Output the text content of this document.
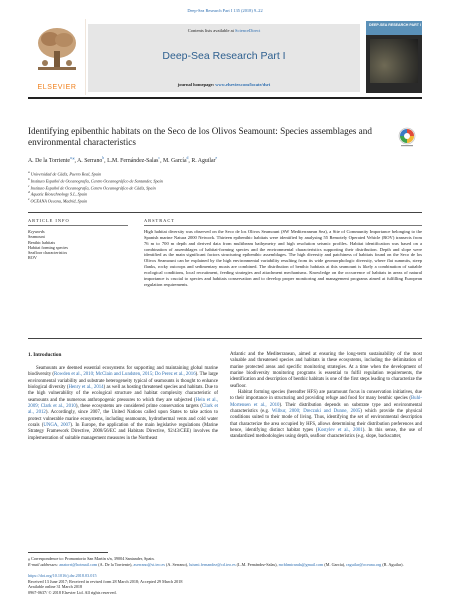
Deep-Sea Research Part I 135 (2018) 9–22
ELSEVIER
Contents lists available at ScienceDirect
Deep-Sea Research Part I
journal homepage: www.elsevier.com/locate/dsri
DEEP-SEA RESEARCH PART I
Identifying epibenthic habitats on the Seco de los Olivos Seamount: Species assemblages and environmental characteristics
A. De la Torriente$^{a,⁎}$, A. Serrano$^b$, L.M. Fernández-Salas$^c$, M. García$^d$, R. Aguilar$^e$
$^a$Universidad de Cádiz, Puerto Real, Spain
$^b$Instituto Español de Oceanografía, Centro Oceanográfico de Santander, Spain
$^c$Instituto Español de Oceanografía, Centro Oceanográfico de Cádiz, Spain
$^d$Aquatic Biotechnology S.L, Spain
$^e$OCEANA Oceana, Madrid, Spain
ARTICLE INFO	ABSTRACT
Keywords
Seamount
Benthic habitats
Habitat forming species
Seafloor characteristics
ROV
High habitat diversity was observed on the Seco de los Olivos Seamount (SW Mediterranean Sea), a Site of Community Importance belonging to the Spanish marine Natura 2000 Network. Thirteen epibenthic habitats were identified by analysing 55 Remotely Operated Vehicle (ROV) transects from 76 m to 700 m depth and derived data from multibeam bathymetry and high resolution seismic profiles. Habitat identification was based on a combination of assemblages of habitat-forming species and the environmental characteristics supporting their distribution. Depth and slope were identified as the main significant factors structuring epibenthic assemblages. The high diversity and patchiness of habitats found on the Seco de los Olivos Seamount can be explained by the high environmental variability resulting from its wide geomorphologic diversity, where flat summits, steep flanks, rocky outcrops and sedimentary moats are combined. The distribution of benthic habitats at this seamount is likely a combination of suitable ecological conditions, local recruitment, feeding strategies and attachment mechanisms. Knowledge on the occurrence of habitats in areas of natural importance is crucial to species and habitats conservation and to develop proper monitoring and management programs aimed at fulfilling European regulation requirements.
1. Introduction

Seamounts are deemed essential ecosystems for supporting and maintaining global marine biodiversity (Rowden et al., 2010; McClain and Lundsten, 2015; Do Perez et al., 2016). The large environmental variability and substrate heterogeneity typical of seamounts is thought to enhance biological diversity (Henry et al., 2014) as well as hosting threatened species and habitats. Due to the high vulnerability of the ecological structure and habitat complexity characteristic of seamounts and the numerous anthropogenic pressures to which they are subjected (Hein et al., 2009; Clark et al., 2010), these ecosystems are considered prime conservation targets (Clark et al., 2012). Accordingly, since 2007, the United Nations called upon States to take action to protect vulnerable marine ecosystems, including seamounts, hydrothermal vents and cold water corals (UNGA, 2007). In Europe, the application of the main legislative regulations (Marine Strategy Framework Directive, 2008/56/EC and Habitats Directive, 92/43/CEE) involves the implementation of suitable management measures in the Northeast

Atlantic and the Mediterranean, aimed at ensuring the long-term sustainability of the most valuable and threatened species and habitats in these ecosystems, including the delimitation of marine protected areas and specific monitoring strategies. At a time when the development of marine biodiversity monitoring programs is essential to fulfil regulation requirements, the identification and description of benthic habitats is one of the first steps leading to characterize the seafloor.

Habitat forming species (hereafter HFS) are paramount focus in conservation initiatives, due to their importance in structuring and providing refuge and food for many benthic species (Buhl-Mortensen et al., 2010). Their distribution depends on substrate type and environmental characteristics (e.g. Wilbur, 2000; Dreczuki and Dunne, 2005) which provide the physical conditions suited to their mode of living. Thus, identifying the set of environmental description that characterize the area occupied by HFS, allows determining their distribution preferences and hence, identifying distinct habitat types (Kostylev et al., 2001). In this sense, the use of standardized methodologies using depth, seafloor characteristics (e.g. slope, backscatter,

⁎ Correspondence to: Promontorio San Martín s/n, 39004 Santander, Spain.
E-mail addresses: anatorri@hotmail.com (A. De la Torriente), aserrano@st.ieo.es (A. Serrano), luismi.fernandez@cd.ieo.es (L.M. Fernández-Salas), mcbhmiranda@gmail.com (M. García), raguilar@oceana.org (R. Aguilar).
https://doi.org/10.1016/j.dsr.2018.03.015
Received 13 June 2017; Received in revised form 28 March 2018; Accepted 29 March 2018
Available online 31 March 2018
0967-0637/ © 2018 Elsevier Ltd. All rights reserved.
